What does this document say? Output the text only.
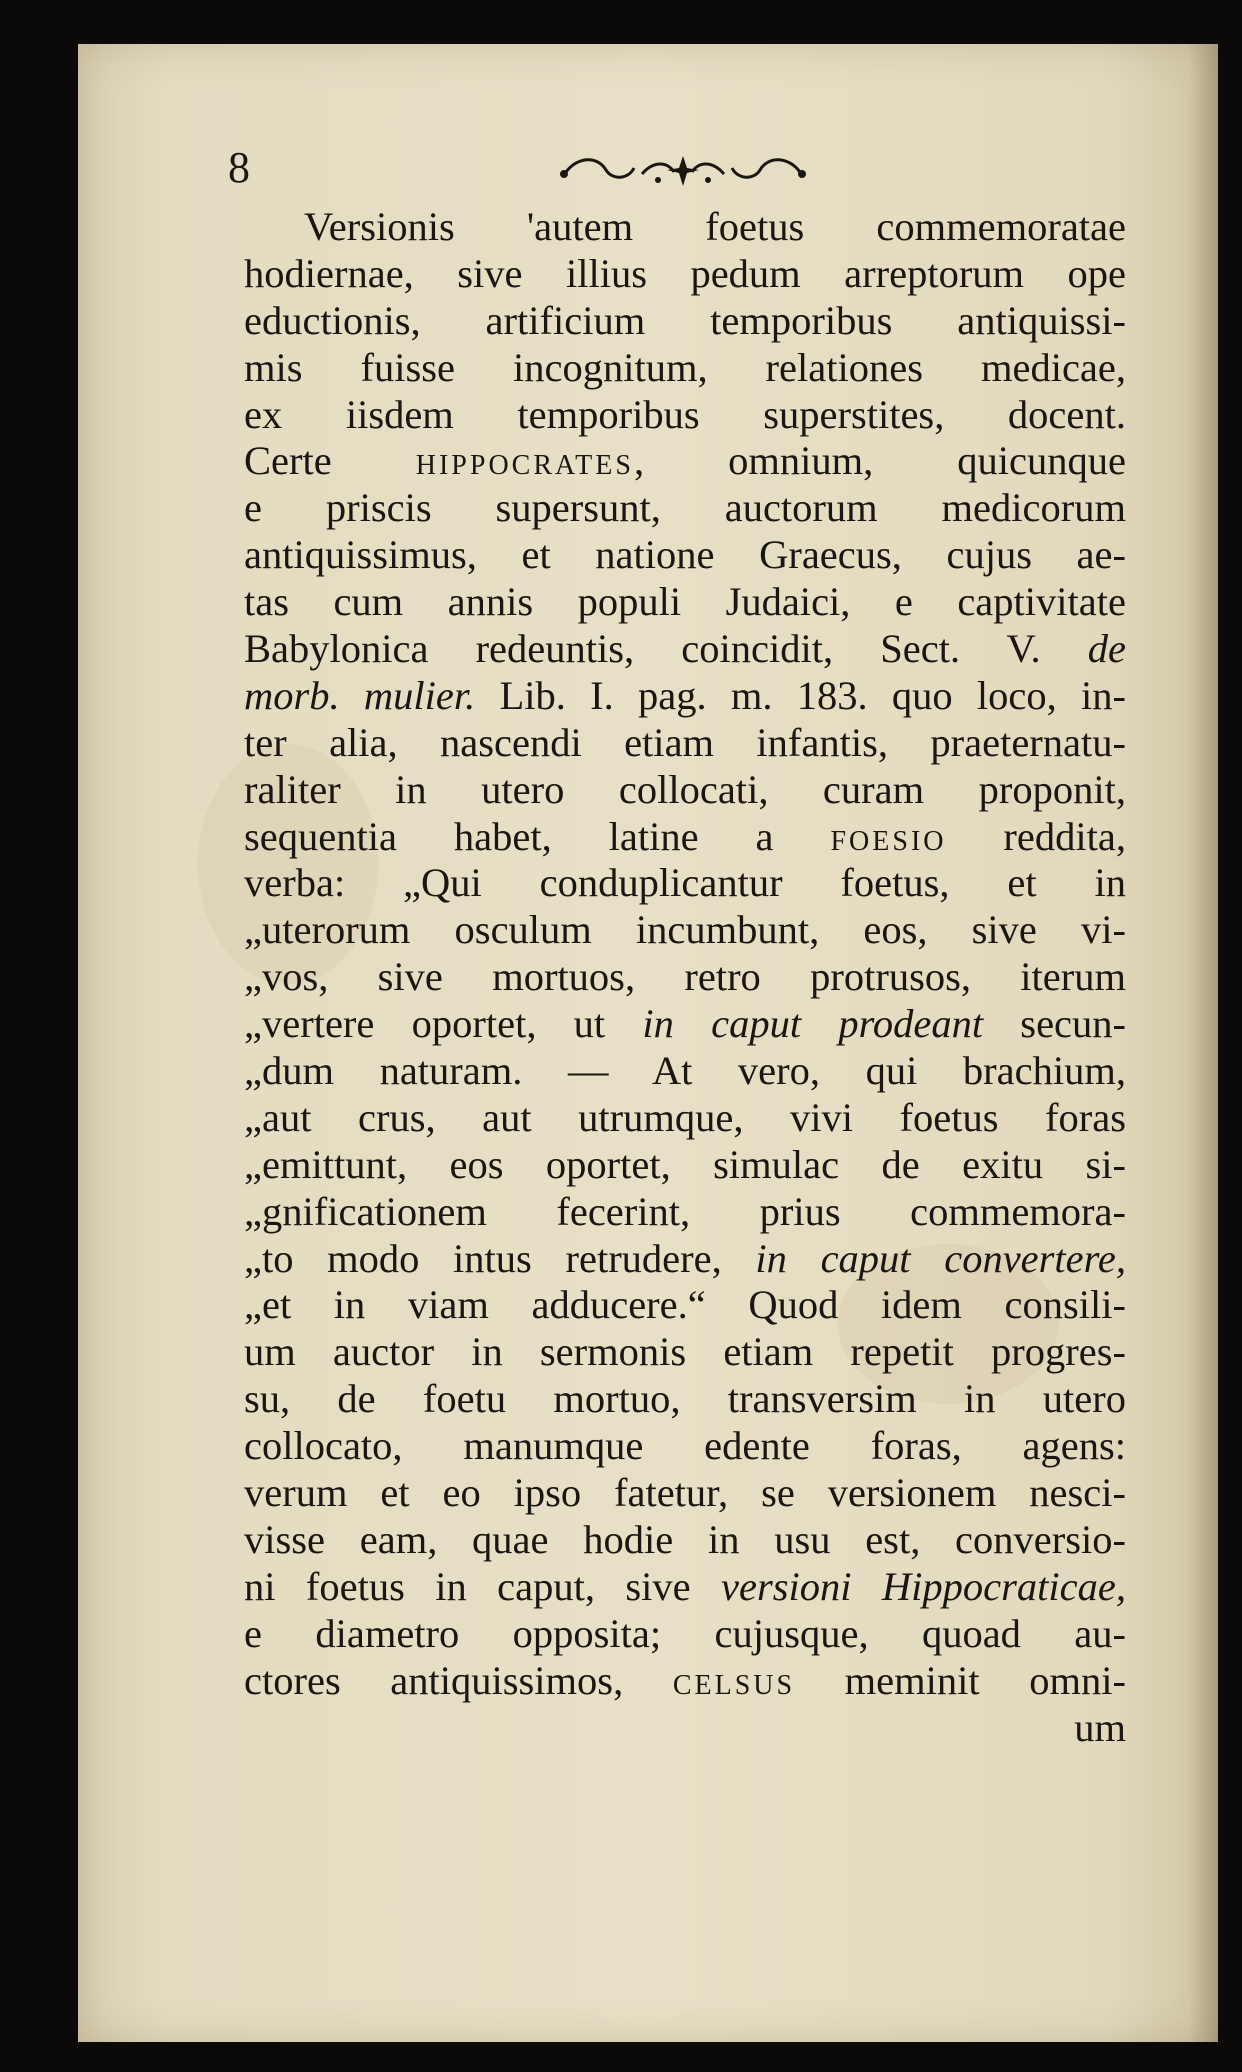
8
Versionis 'autem foetus commemoratae
hodiernae, sive illius pedum arreptorum ope
eductionis, artificium temporibus antiquissi-
mis fuisse incognitum, relationes medicae,
ex iisdem temporibus superstites, docent.
Certe hippocrates, omnium, quicunque
e priscis supersunt, auctorum medicorum
antiquissimus, et natione Graecus, cujus ae-
tas cum annis populi Judaici, e captivitate
Babylonica redeuntis, coincidit, Sect. V. de
morb. mulier. Lib. I. pag. m. 183. quo loco, in-
ter alia, nascendi etiam infantis, praeternatu-
raliter in utero collocati, curam proponit,
sequentia habet, latine a foesio reddita,
verba: „Qui conduplicantur foetus, et in
„uterorum osculum incumbunt, eos, sive vi-
„vos, sive mortuos, retro protrusos, iterum
„vertere oportet, ut in caput prodeant secun-
„dum naturam. — At vero, qui brachium,
„aut crus, aut utrumque, vivi foetus foras
„emittunt, eos oportet, simulac de exitu si-
„gnificationem fecerint, prius commemora-
„to modo intus retrudere, in caput convertere,
„et in viam adducere.“ Quod idem consili-
um auctor in sermonis etiam repetit progres-
su, de foetu mortuo, transversim in utero
collocato, manumque edente foras, agens:
verum et eo ipso fatetur, se versionem nesci-
visse eam, quae hodie in usu est, conversio-
ni foetus in caput, sive versioni Hippocraticae,
e diametro opposita; cujusque, quoad au-
ctores antiquissimos, celsus meminit omni-
um
